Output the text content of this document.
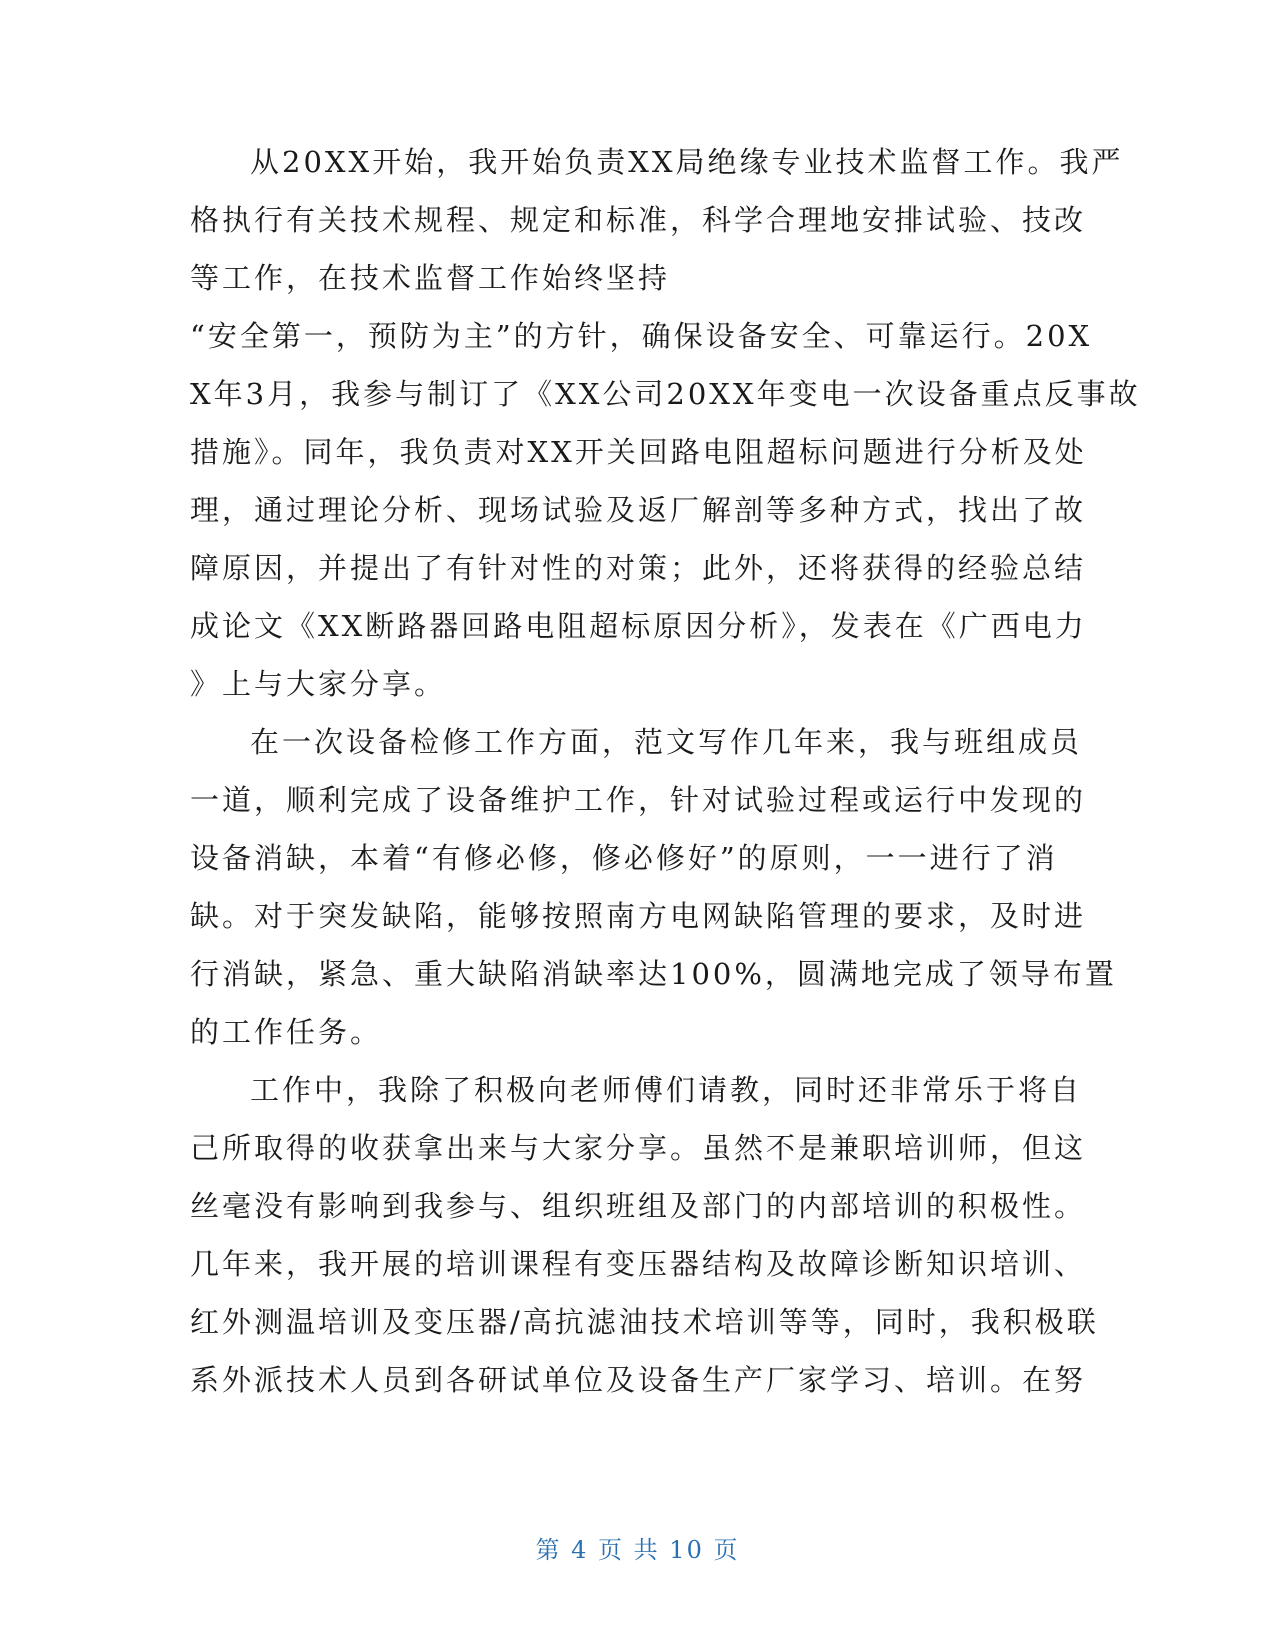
从20XX开始，我开始负责XX局绝缘专业技术监督工作。我严
格执行有关技术规程、规定和标准，科学合理地安排试验、技改
等工作，在技术监督工作始终坚持
“安全第一，预防为主”的方针，确保设备安全、可靠运行。20X
X年3月，我参与制订了《XX公司20XX年变电一次设备重点反事故
措施》。同年，我负责对XX开关回路电阻超标问题进行分析及处
理，通过理论分析、现场试验及返厂解剖等多种方式，找出了故
障原因，并提出了有针对性的对策；此外，还将获得的经验总结
成论文《XX断路器回路电阻超标原因分析》，发表在《广西电力
》上与大家分享。
在一次设备检修工作方面，范文写作几年来，我与班组成员
一道，顺利完成了设备维护工作，针对试验过程或运行中发现的
设备消缺，本着“有修必修，修必修好”的原则，一一进行了消
缺。对于突发缺陷，能够按照南方电网缺陷管理的要求，及时进
行消缺，紧急、重大缺陷消缺率达100%，圆满地完成了领导布置
的工作任务。
工作中，我除了积极向老师傅们请教，同时还非常乐于将自
己所取得的收获拿出来与大家分享。虽然不是兼职培训师，但这
丝毫没有影响到我参与、组织班组及部门的内部培训的积极性。
几年来，我开展的培训课程有变压器结构及故障诊断知识培训、
红外测温培训及变压器/高抗滤油技术培训等等，同时，我积极联
系外派技术人员到各研试单位及设备生产厂家学习、培训。在努
第 4 页 共 10 页
